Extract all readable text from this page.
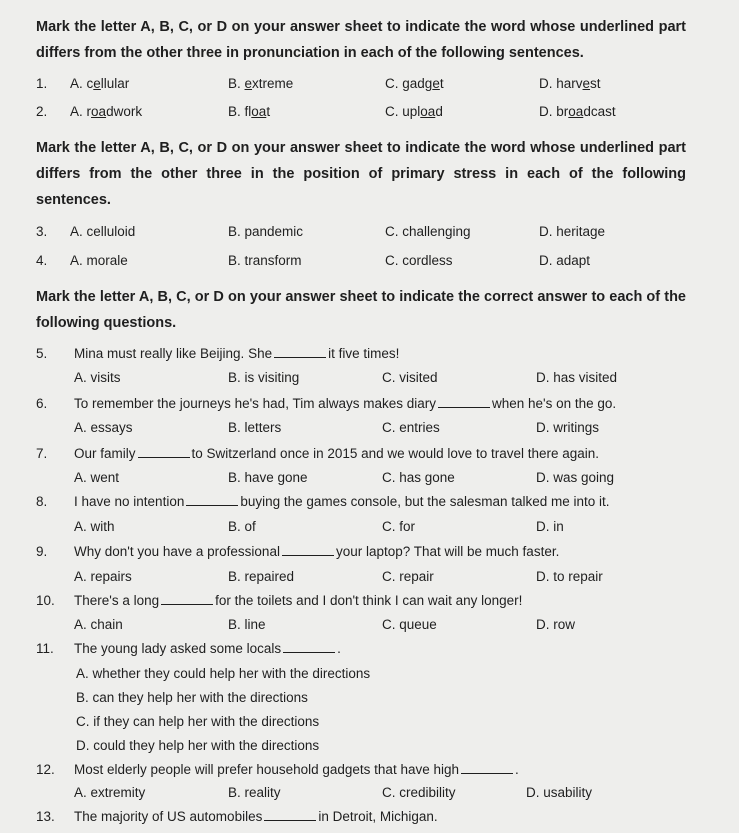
Mark the letter A, B, C, or D on your answer sheet to indicate the word whose underlined part differs from the other three in pronunciation in each of the following sentences.
1. A. cellular	B. extreme	C. gadget	D. harvest
2. A. roadwork	B. float	C. upload	D. broadcast
Mark the letter A, B, C, or D on your answer sheet to indicate the word whose underlined part differs from the other three in the position of primary stress in each of the following sentences.
3. A. celluloid	B. pandemic	C. challenging	D. heritage
4. A. morale	B. transform	C. cordless	D. adapt
Mark the letter A, B, C, or D on your answer sheet to indicate the correct answer to each of the following questions.
5. Mina must really like Beijing. She	it five times!
A. visits	B. is visiting	C. visited	D. has visited
6. To remember the journeys he's had, Tim always makes diary	when he's on the go.
A. essays	B. letters	C. entries	D. writings
7. Our family	to Switzerland once in 2015 and we would love to travel there again.
A. went	B. have gone	C. has gone	D. was going
8. I have no intention	buying the games console, but the salesman talked me into it.
A. with	B. of	C. for	D. in
9. Why don't you have a professional	your laptop? That will be much faster.
A. repairs	B. repaired	C. repair	D. to repair
10. There's a long	for the toilets and I don't think I can wait any longer!
A. chain	B. line	C. queue	D. row
11. The young lady asked some locals	.
A. whether they could help her with the directions
B. can they help her with the directions
C. if they can help her with the directions
D. could they help her with the directions
12. Most elderly people will prefer household gadgets that have high	.
A. extremity	B. reality	C. credibility	D. usability
13. The majority of US automobiles	in Detroit, Michigan.
